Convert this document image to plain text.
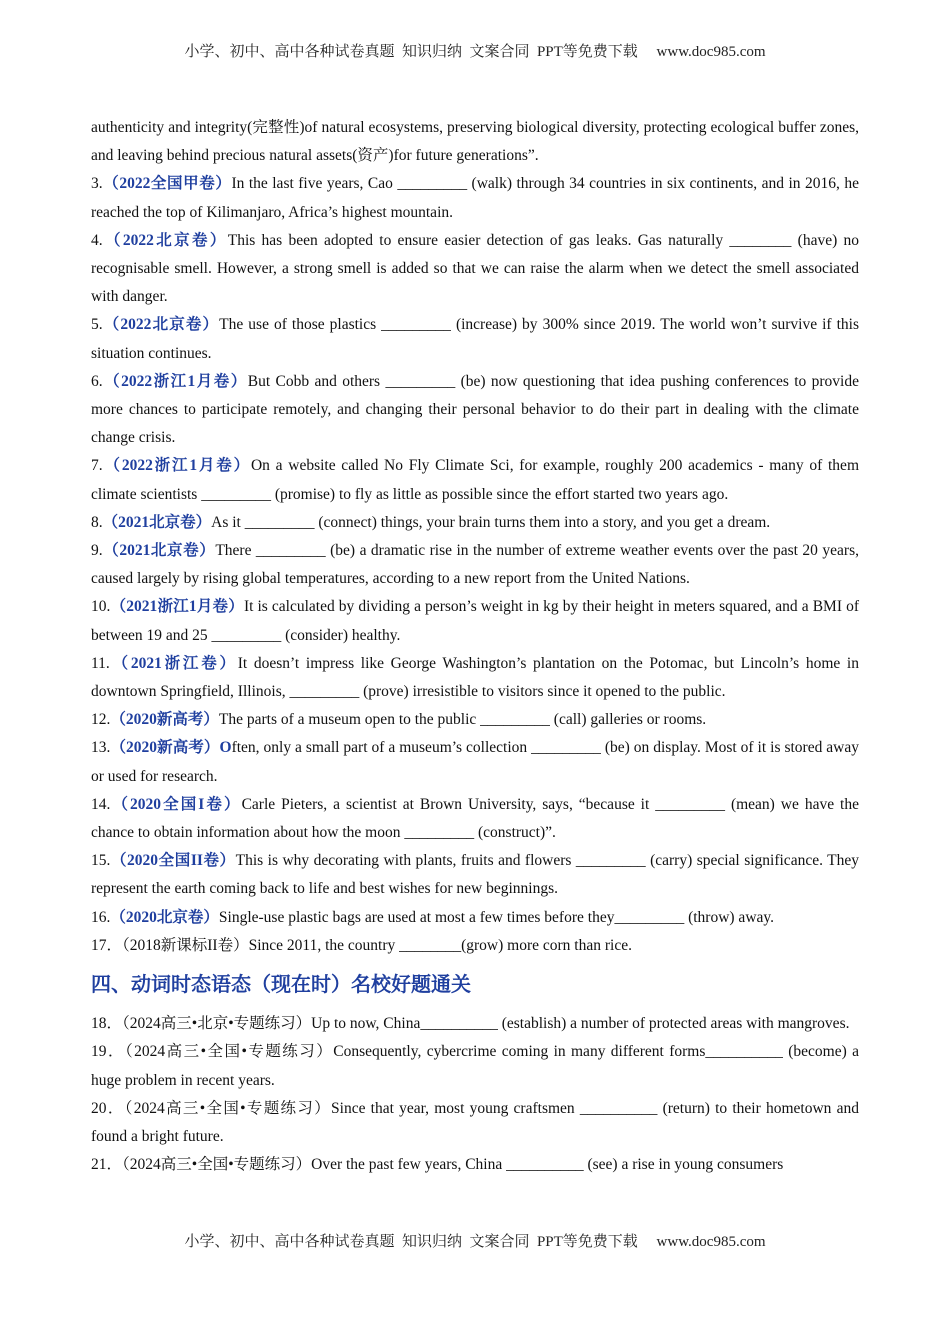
小学、初中、高中各种试卷真题  知识归纳  文案合同  PPT等免费下载     www.doc985.com

authenticity and integrity(完整性)of natural ecosystems, preserving biological diversity, protecting ecological buffer zones, and leaving behind precious natural assets(资产)for future generations”.

3.（2022全国甲卷）In the last five years, Cao _________ (walk) through 34 countries in six continents, and in 2016, he reached the top of Kilimanjaro, Africa’s highest mountain.

4.（2022北京卷）This has been adopted to ensure easier detection of gas leaks. Gas naturally ________ (have) no recognisable smell. However, a strong smell is added so that we can raise the alarm when we detect the smell associated with danger.

5.（2022北京卷）The use of those plastics _________ (increase) by 300% since 2019. The world won’t survive if this situation continues.

6.（2022浙江1月卷）But Cobb and others _________ (be) now questioning that idea pushing conferences to provide more chances to participate remotely, and changing their personal behavior to do their part in dealing with the climate change crisis.

7.（2022浙江1月卷）On a website called No Fly Climate Sci, for example, roughly 200 academics - many of them climate scientists _________ (promise) to fly as little as possible since the effort started two years ago.

8.（2021北京卷）As it _________ (connect) things, your brain turns them into a story, and you get a dream.

9.（2021北京卷）There _________ (be) a dramatic rise in the number of extreme weather events over the past 20 years, caused largely by rising global temperatures, according to a new report from the United Nations.

10.（2021浙江1月卷）It is calculated by dividing a person’s weight in kg by their height in meters squared, and a BMI of between 19 and 25 _________ (consider) healthy.

11.（2021浙江卷）It doesn’t impress like George Washington’s plantation on the Potomac, but Lincoln’s home in downtown Springfield, Illinois, _________ (prove) irresistible to visitors since it opened to the public.

12.（2020新高考）The parts of a museum open to the public _________ (call) galleries or rooms.

13.（2020新高考）Often, only a small part of a museum’s collection _________ (be) on display. Most of it is stored away or used for research.

14.（2020全国I卷）Carle Pieters, a scientist at Brown University, says, “because it _________ (mean) we have the chance to obtain information about how the moon _________ (construct)”.

15.（2020全国II卷）This is why decorating with plants, fruits and flowers _________ (carry) special significance. They represent the earth coming back to life and best wishes for new beginnings.

16.（2020北京卷）Single-use plastic bags are used at most a few times before they_________ (throw) away.

17．（2018新课标II卷）Since 2011, the country ________(grow) more corn than rice.

四、动词时态语态（现在时）名校好题通关

18．（2024高三•北京•专题练习）Up to now, China__________ (establish) a number of protected areas with mangroves.

19．（2024高三•全国•专题练习）Consequently, cybercrime coming in many different forms__________ (become) a huge problem in recent years.

20．（2024高三•全国•专题练习）Since that year, most young craftsmen __________ (return) to their hometown and found a bright future.

21．（2024高三•全国•专题练习）Over the past few years, China __________ (see) a rise in young consumers

小学、初中、高中各种试卷真题  知识归纳  文案合同  PPT等免费下载     www.doc985.com
